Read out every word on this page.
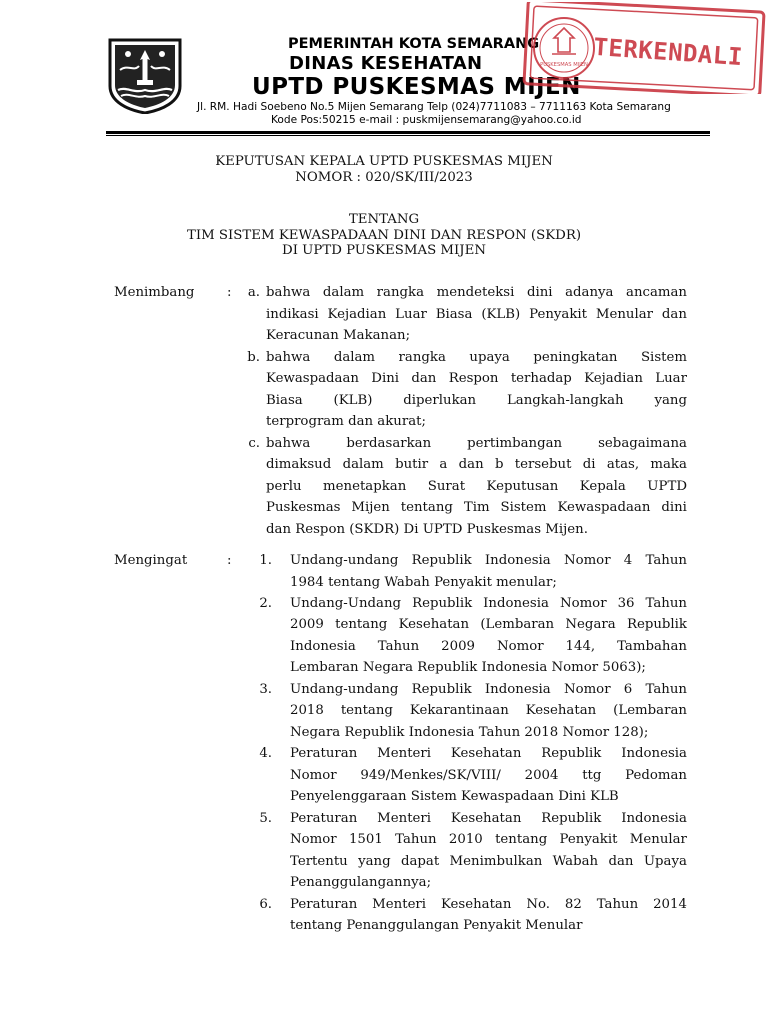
PEMERINTAH KOTA SEMARANG
DINAS KESEHATAN
UPTD PUSKESMAS MIJEN
Jl. RM. Hadi Soebeno No.5 Mijen Semarang Telp (024)7711083 – 7711163 Kota Semarang
Kode Pos:50215 e-mail : puskmijensemarang@yahoo.co.id
PUSKESMAS MIJEN TERKENDALI
KEPUTUSAN KEPALA UPTD PUSKESMAS MIJEN
NOMOR : 020/SK/III/2023
TENTANG
TIM SISTEM KEWASPADAAN DINI DAN RESPON (SKDR)
DI UPTD PUSKESMAS MIJEN
Menimbang :	a. bahwa dalam rangka mendeteksi dini adanya ancaman
indikasi Kejadian Luar Biasa (KLB) Penyakit Menular dan
Keracunan Makanan;
b. bahwa dalam rangka upaya peningkatan Sistem
Kewaspadaan Dini dan Respon terhadap Kejadian Luar
Biasa (KLB) diperlukan Langkah-langkah yang
terprogram dan akurat;
c. bahwa	berdasarkan	pertimbangan	sebagaimana
dimaksud dalam butir a dan b tersebut di atas, maka
perlu menetapkan Surat Keputusan Kepala UPTD
Puskesmas Mijen tentang Tim Sistem Kewaspadaan dini
dan Respon (SKDR) Di UPTD Puskesmas Mijen.
Mengingat	:	1. Undang-undang Republik Indonesia Nomor 4 Tahun
1984 tentang Wabah Penyakit menular;
2. Undang-Undang Republik Indonesia Nomor 36 Tahun
2009 tentang Kesehatan (Lembaran Negara Republik
Indonesia Tahun 2009 Nomor 144, Tambahan
Lembaran Negara Republik Indonesia Nomor 5063);
3. Undang-undang Republik Indonesia Nomor 6 Tahun
2018 tentang Kekarantinaan Kesehatan (Lembaran
Negara Republik Indonesia Tahun 2018 Nomor 128);
4. Peraturan Menteri Kesehatan Republik Indonesia
Nomor 949/Menkes/SK/VIII/ 2004 ttg Pedoman
Penyelenggaraan Sistem Kewaspadaan Dini KLB
5. Peraturan Menteri Kesehatan Republik Indonesia
Nomor 1501 Tahun 2010 tentang Penyakit Menular
Tertentu yang dapat Menimbulkan Wabah dan Upaya
Penanggulangannya;
6. Peraturan Menteri Kesehatan No. 82 Tahun 2014
tentang Penanggulangan Penyakit Menular
